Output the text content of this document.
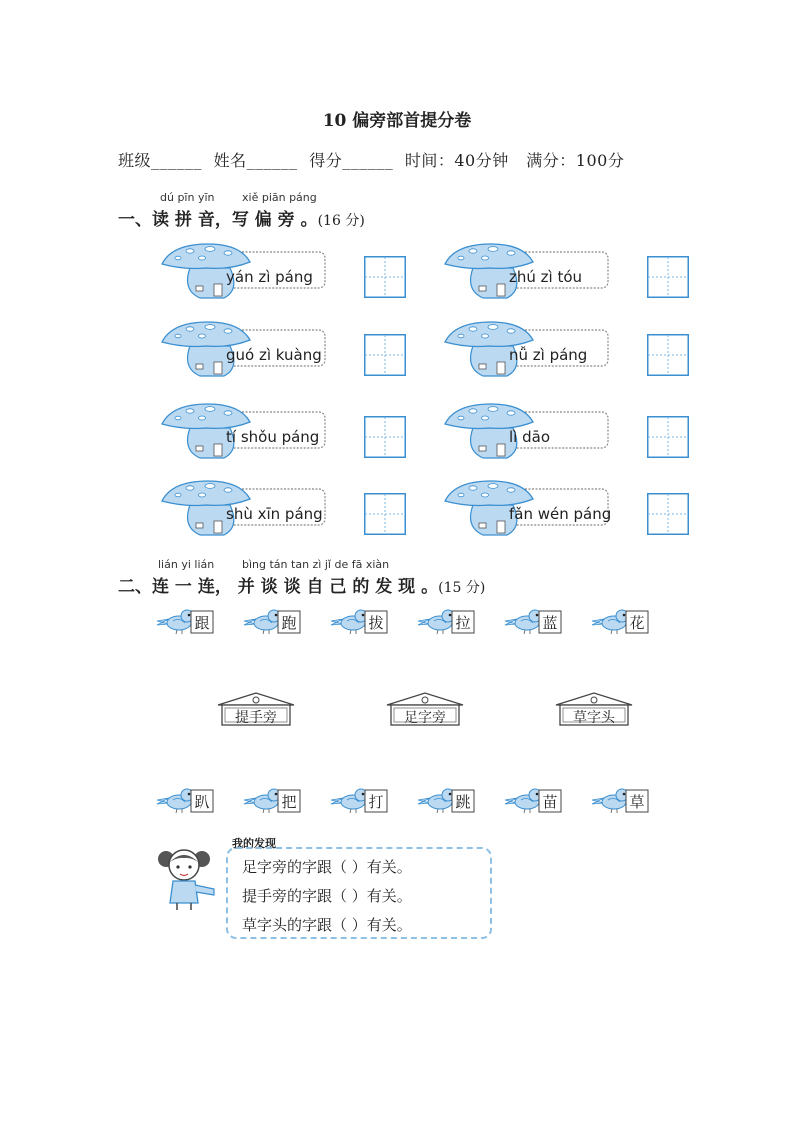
10 偏旁部首提分卷
班级______ 姓名______ 得分______ 时间：40分钟 满分：100分
dú pīn yīn	xiě piān páng
一、读 拼 音，写 偏 旁 。(16 分)
yán zì páng	zhú zì tóu
guó zì kuàng	nǚ zì páng
tí shǒu páng	lì dāo
shù xīn páng	fǎn wén páng
lián yi lián	bìng tán tan zì jǐ de fā xiàn
二、连 一 连， 并 谈 谈 自 己 的 发 现 。(15 分)
跟	跑	拔	拉	蓝	花
提手旁	足字旁	草字头
趴	把	打	跳	苗	草
我的发现
足字旁的字跟（ ）有关。
提手旁的字跟（ ）有关。
草字头的字跟（ ）有关。
